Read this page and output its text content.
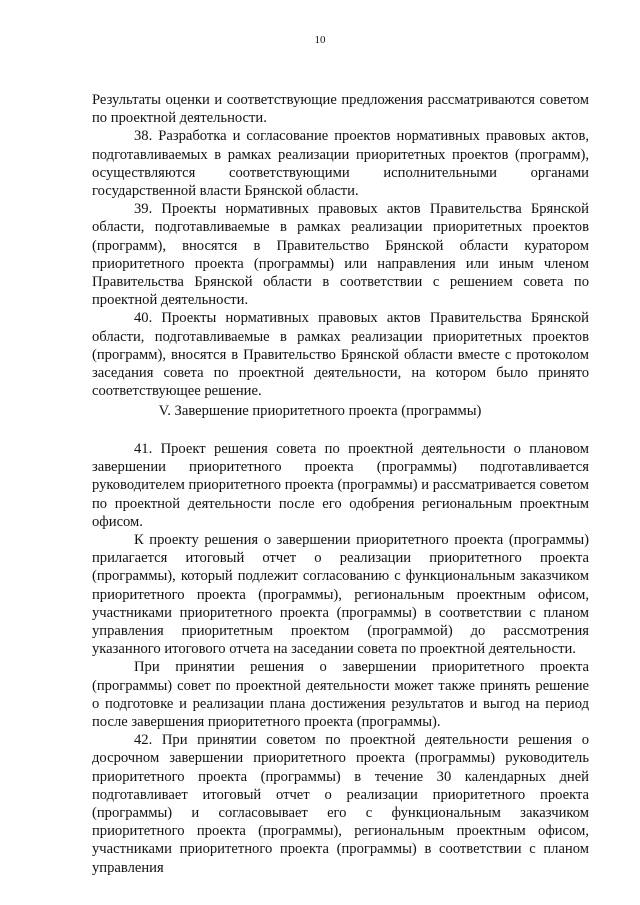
10

Результаты оценки и соответствующие предложения рассматриваются советом по проектной деятельности.

38. Разработка и согласование проектов нормативных правовых актов, подготавливаемых в рамках реализации приоритетных проектов (программ), осуществляются соответствующими исполнительными органами государственной власти Брянской области.

39. Проекты нормативных правовых актов Правительства Брянской области, подготавливаемые в рамках реализации приоритетных проектов (программ), вносятся в Правительство Брянской области куратором приоритетного проекта (программы) или направления или иным членом Правительства Брянской области в соответствии с решением совета по проектной деятельности.

40. Проекты нормативных правовых актов Правительства Брянской области, подготавливаемые в рамках реализации приоритетных проектов (программ), вносятся в Правительство Брянской области вместе с протоколом заседания совета по проектной деятельности, на котором было принято соответствующее решение.

V. Завершение приоритетного проекта (программы)

41. Проект решения совета по проектной деятельности о плановом завершении приоритетного проекта (программы) подготавливается руководителем приоритетного проекта (программы) и рассматривается советом по проектной деятельности после его одобрения региональным проектным офисом.

К проекту решения о завершении приоритетного проекта (программы) прилагается итоговый отчет о реализации приоритетного проекта (программы), который подлежит согласованию с функциональным заказчиком приоритетного проекта (программы), региональным проектным офисом, участниками приоритетного проекта (программы) в соответствии с планом управления приоритетным проектом (программой) до рассмотрения указанного итогового отчета на заседании совета по проектной деятельности.

При принятии решения о завершении приоритетного проекта (программы) совет по проектной деятельности может также принять решение о подготовке и реализации плана достижения результатов и выгод на период после завершения приоритетного проекта (программы).

42. При принятии советом по проектной деятельности решения о досрочном завершении приоритетного проекта (программы) руководитель приоритетного проекта (программы) в течение 30 календарных дней подготавливает итоговый отчет о реализации приоритетного проекта (программы) и согласовывает его с функциональным заказчиком приоритетного проекта (программы), региональным проектным офисом, участниками приоритетного проекта (программы) в соответствии с планом управления
